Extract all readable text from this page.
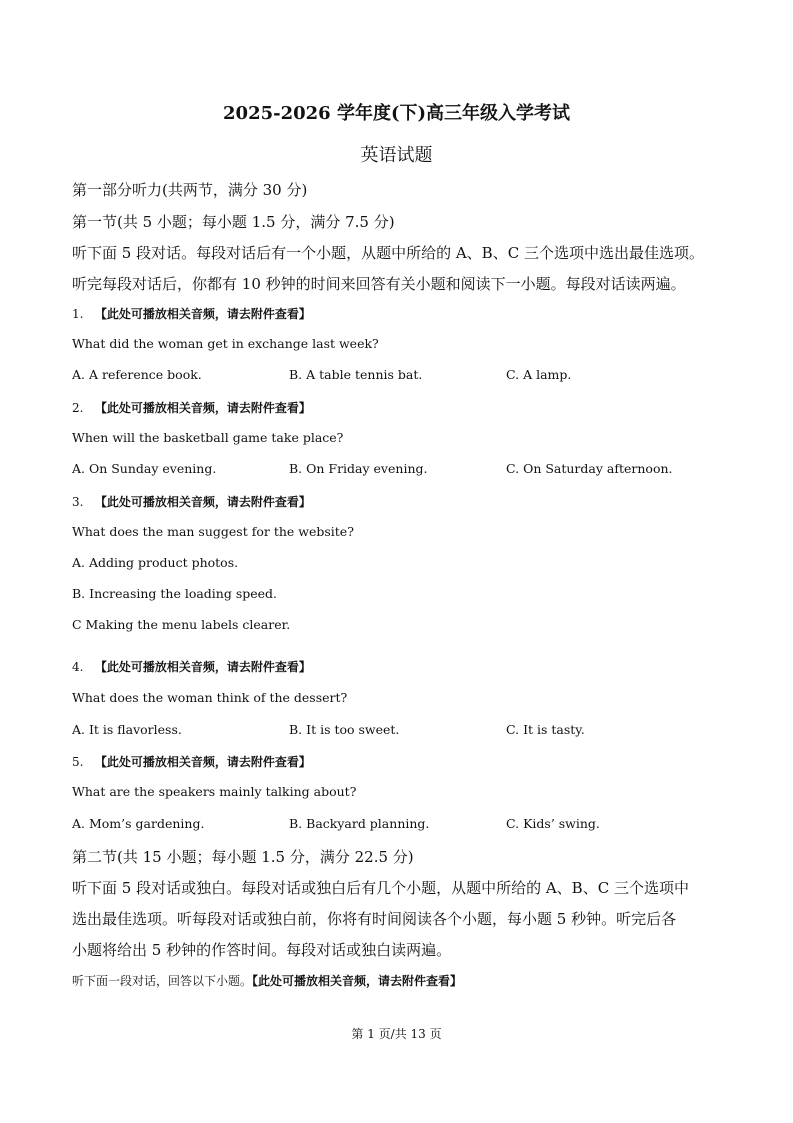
2025-2026 学年度(下)高三年级入学考试
英语试题
第一部分听力(共两节，满分 30 分)
第一节(共 5 小题；每小题 1.5 分，满分 7.5 分)
听下面 5 段对话。每段对话后有一个小题，从题中所给的 A、B、C 三个选项中选出最佳选项。
听完每段对话后，你都有 10 秒钟的时间来回答有关小题和阅读下一小题。每段对话读两遍。
1. 【此处可播放相关音频，请去附件查看】
What did the woman get in exchange last week?
A. A reference book.	B. A table tennis bat.	C. A lamp.
2. 【此处可播放相关音频，请去附件查看】
When will the basketball game take place?
A. On Sunday evening.	B. On Friday evening.	C. On Saturday afternoon.
3. 【此处可播放相关音频，请去附件查看】
What does the man suggest for the website?
A. Adding product photos.
B. Increasing the loading speed.
C Making the menu labels clearer.
4. 【此处可播放相关音频，请去附件查看】
What does the woman think of the dessert?
A. It is flavorless.	B. It is too sweet.	C. It is tasty.
5. 【此处可播放相关音频，请去附件查看】
What are the speakers mainly talking about?
A. Mom’s gardening.	B. Backyard planning.	C. Kids’ swing.
第二节(共 15 小题；每小题 1.5 分，满分 22.5 分)
听下面 5 段对话或独白。每段对话或独白后有几个小题，从题中所给的 A、B、C 三个选项中
选出最佳选项。听每段对话或独白前，你将有时间阅读各个小题，每小题 5 秒钟。听完后各
小题将给出 5 秒钟的作答时间。每段对话或独白读两遍。
听下面一段对话，回答以下小题。【此处可播放相关音频，请去附件查看】
第 1 页/共 13 页
